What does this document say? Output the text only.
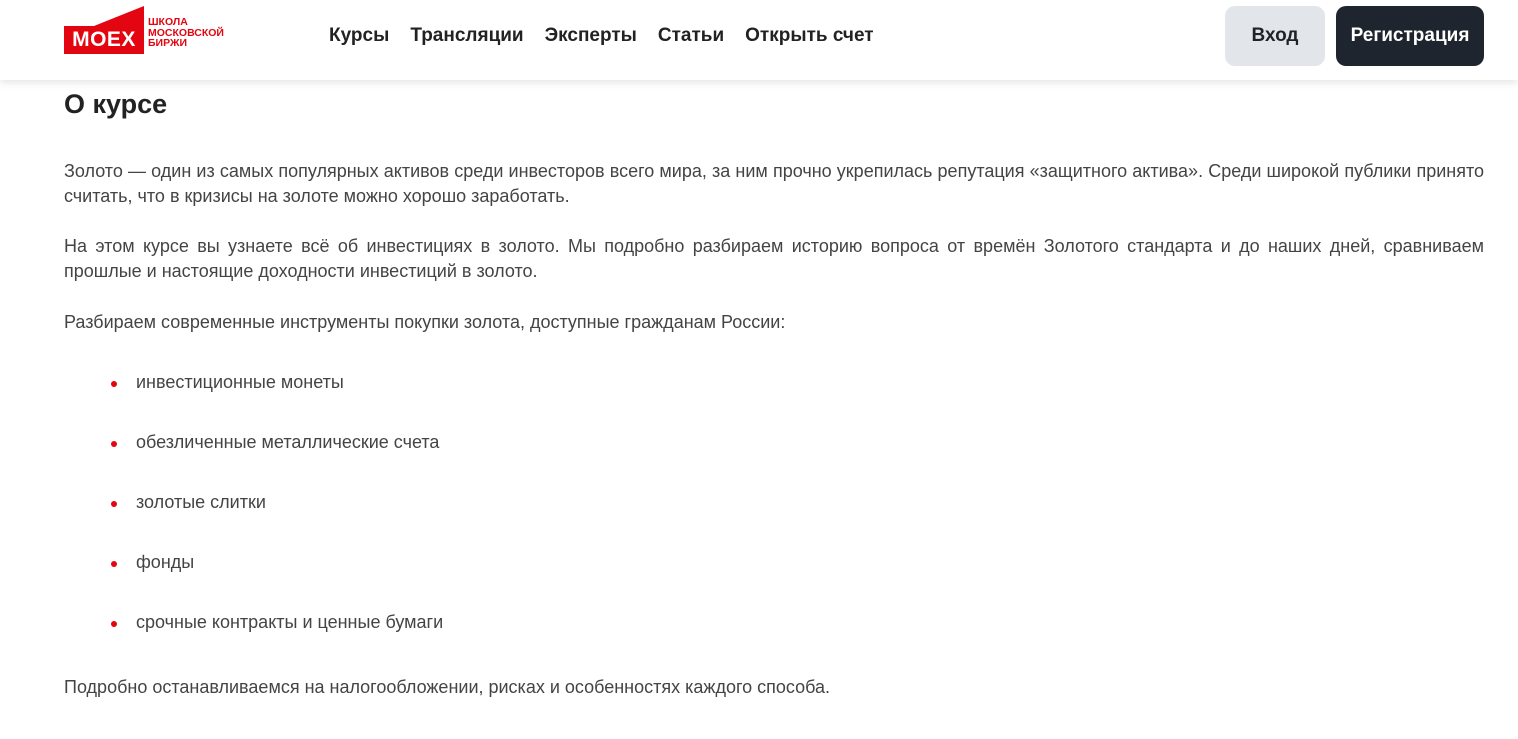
MOEX
ШКОЛА
МОСКОВСКОЙ
БИРЖИ	Курсы Трансляции Эксперты Статьи Открыть счет	Вход	Регистрация
О курсе

Золото — один из самых популярных активов среди инвесторов всего мира, за ним прочно укрепилась репутация «защитного актива». Среди широкой публики принято считать, что в кризисы на золоте можно хорошо заработать.

На этом курсе вы узнаете всё об инвестициях в золото. Мы подробно разбираем историю вопроса от времён Золотого стандарта и до наших дней, сравниваем прошлые и настоящие доходности инвестиций в золото.

Разбираем современные инструменты покупки золота, доступные гражданам России:

инвестиционные монеты
обезличенные металлические счета
золотые слитки
фонды
срочные контракты и ценные бумаги

Подробно останавливаемся на налогообложении, рисках и особенностях каждого способа.
